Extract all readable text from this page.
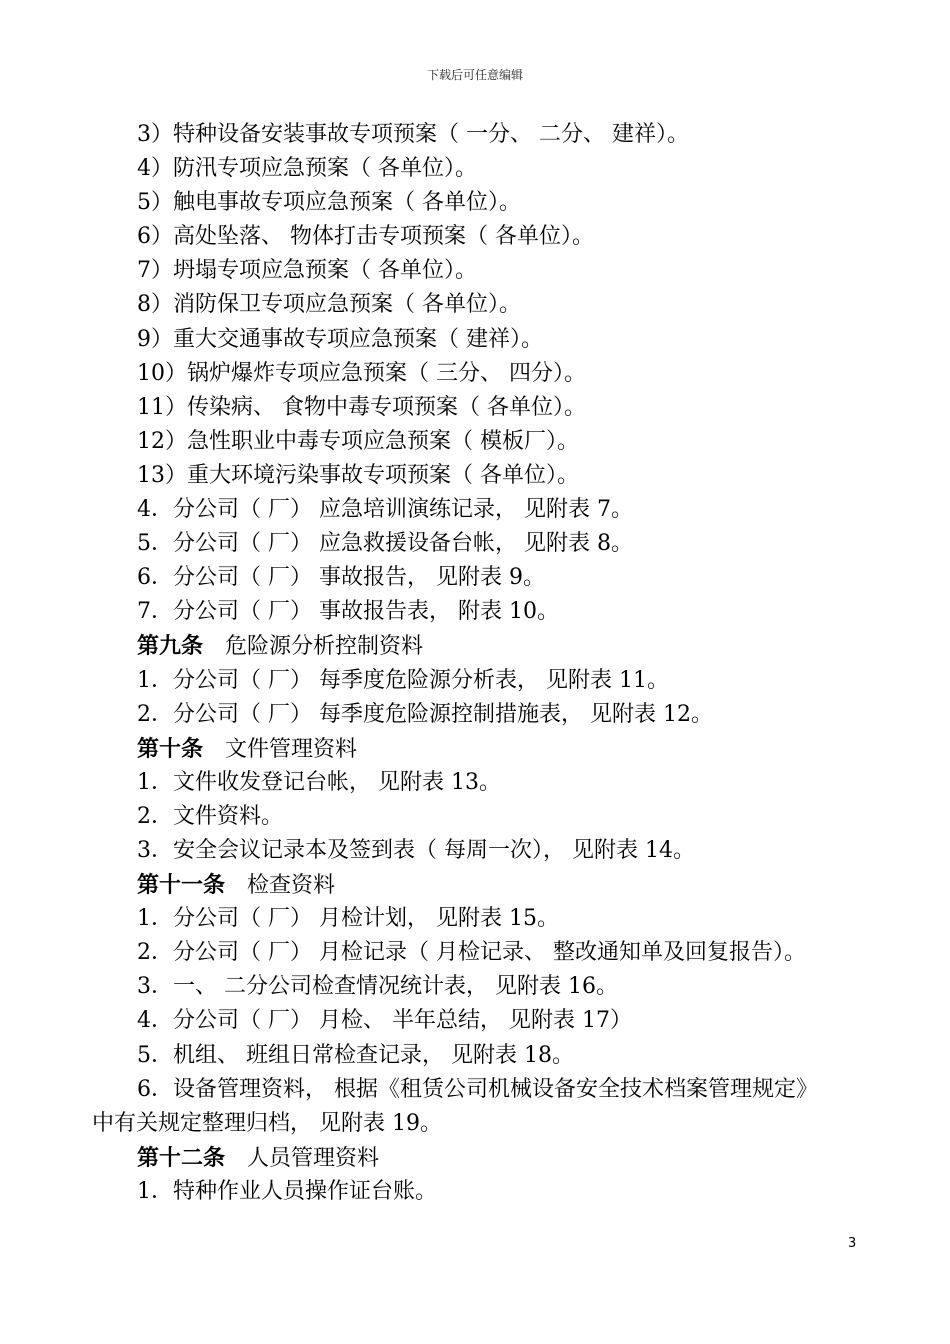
下载后可任意编辑
3）特种设备安装事故专项预案（ 一分、 二分、 建祥）。
4）防汛专项应急预案（ 各单位）。
5）触电事故专项应急预案（ 各单位）。
6）高处坠落、 物体打击专项预案（ 各单位）。
7）坍塌专项应急预案（ 各单位）。
8）消防保卫专项应急预案（ 各单位）。
9）重大交通事故专项应急预案（ 建祥）。
10）锅炉爆炸专项应急预案（ 三分、 四分）。
11）传染病、 食物中毒专项预案（ 各单位）。
12）急性职业中毒专项应急预案（ 模板厂）。
13）重大环境污染事故专项预案（ 各单位）。
4．分公司（ 厂） 应急培训演练记录， 见附表 7。
5．分公司（ 厂） 应急救援设备台帐， 见附表 8。
6．分公司（ 厂） 事故报告， 见附表 9。
7．分公司（ 厂） 事故报告表， 附表 10。
第九条 危险源分析控制资料
1．分公司（ 厂） 每季度危险源分析表， 见附表 11。
2．分公司（ 厂） 每季度危险源控制措施表， 见附表 12。
第十条 文件管理资料
1．文件收发登记台帐， 见附表 13。
2．文件资料。
3．安全会议记录本及签到表（ 每周一次）， 见附表 14。
第十一条 检查资料
1．分公司（ 厂） 月检计划， 见附表 15。
2．分公司（ 厂） 月检记录（ 月检记录、 整改通知单及回复报告）。
3．一、 二分公司检查情况统计表， 见附表 16。
4．分公司（ 厂） 月检、 半年总结， 见附表 17）
5．机组、 班组日常检查记录， 见附表 18。
6．设备管理资料， 根据《租赁公司机械设备安全技术档案管理规定》
中有关规定整理归档， 见附表 19。
第十二条 人员管理资料
1．特种作业人员操作证台账。
3
